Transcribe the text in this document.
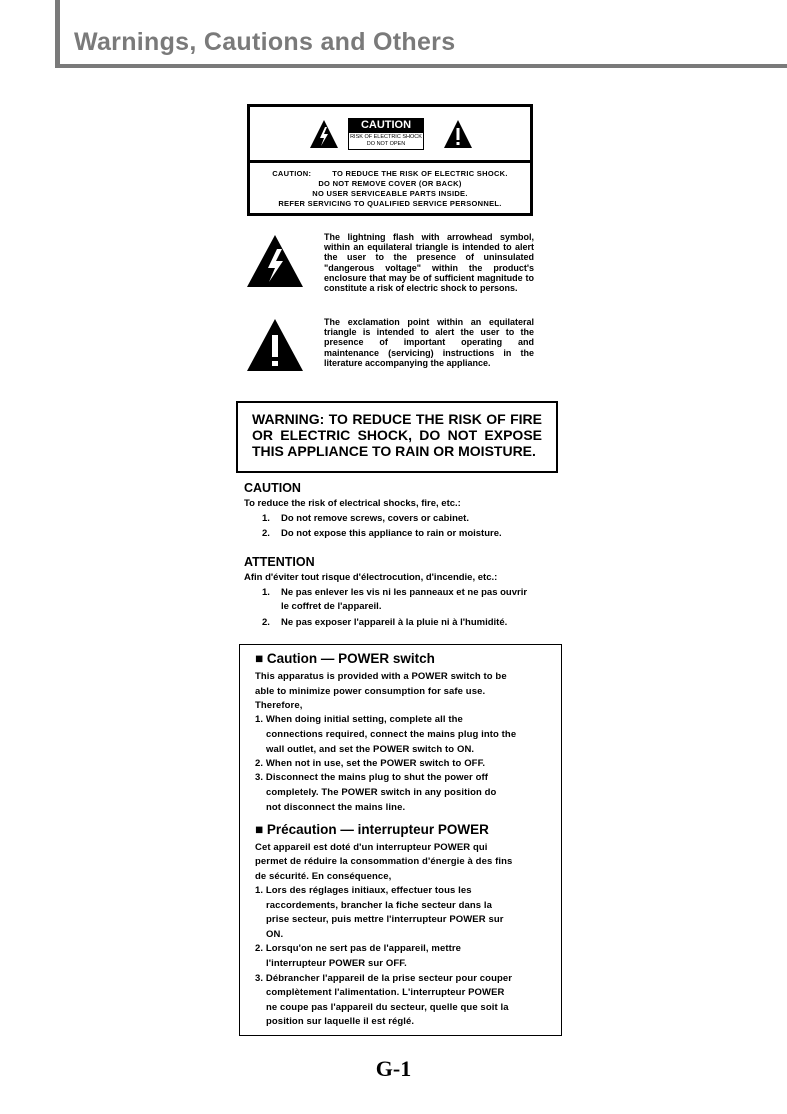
Warnings, Cautions and Others
CAUTION
RISK OF ELECTRIC SHOCK
DO NOT OPEN
CAUTION:	TO REDUCE THE RISK OF ELECTRIC SHOCK.
DO NOT REMOVE COVER (OR BACK)
NO USER SERVICEABLE PARTS INSIDE.
REFER SERVICING TO QUALIFIED SERVICE PERSONNEL.
The lightning flash with arrowhead symbol, within an equilateral triangle is intended to alert the user to the presence of uninsulated "dangerous voltage" within the product's enclosure that may be of sufficient magnitude to constitute a risk of electric shock to persons.
The exclamation point within an equilateral triangle is intended to alert the user to the presence of important operating and maintenance (servicing) instructions in the literature accompanying the appliance.
WARNING: TO REDUCE THE RISK OF FIRE
OR ELECTRIC SHOCK, DO NOT EXPOSE
THIS APPLIANCE TO RAIN OR MOISTURE.
CAUTION
To reduce the risk of electrical shocks, fire, etc.:
1. Do not remove screws, covers or cabinet.
2. Do not expose this appliance to rain or moisture.
ATTENTION
Afin d'éviter tout risque d'électrocution, d'incendie, etc.:
1. Ne pas enlever les vis ni les panneaux et ne pas ouvrir
le coffret de l'appareil.
2. Ne pas exposer l'appareil à la pluie ni à l'humidité.
■ Caution — POWER switch
This apparatus is provided with a POWER switch to be
able to minimize power consumption for safe use.
Therefore,
1. When doing initial setting, complete all the
connections required, connect the mains plug into the
wall outlet, and set the POWER switch to ON.
2. When not in use, set the POWER switch to OFF.
3. Disconnect the mains plug to shut the power off
completely. The POWER switch in any position do
not disconnect the mains line.
■ Précaution — interrupteur POWER
Cet appareil est doté d'un interrupteur POWER qui
permet de réduire la consommation d'énergie à des fins
de sécurité. En conséquence,
1. Lors des réglages initiaux, effectuer tous les
raccordements, brancher la fiche secteur dans la
prise secteur, puis mettre l'interrupteur POWER sur
ON.
2. Lorsqu'on ne sert pas de l'appareil, mettre
l'interrupteur POWER sur OFF.
3. Débrancher l'appareil de la prise secteur pour couper
complètement l'alimentation. L'interrupteur POWER
ne coupe pas l'appareil du secteur, quelle que soit la
position sur laquelle il est réglé.
G-1
